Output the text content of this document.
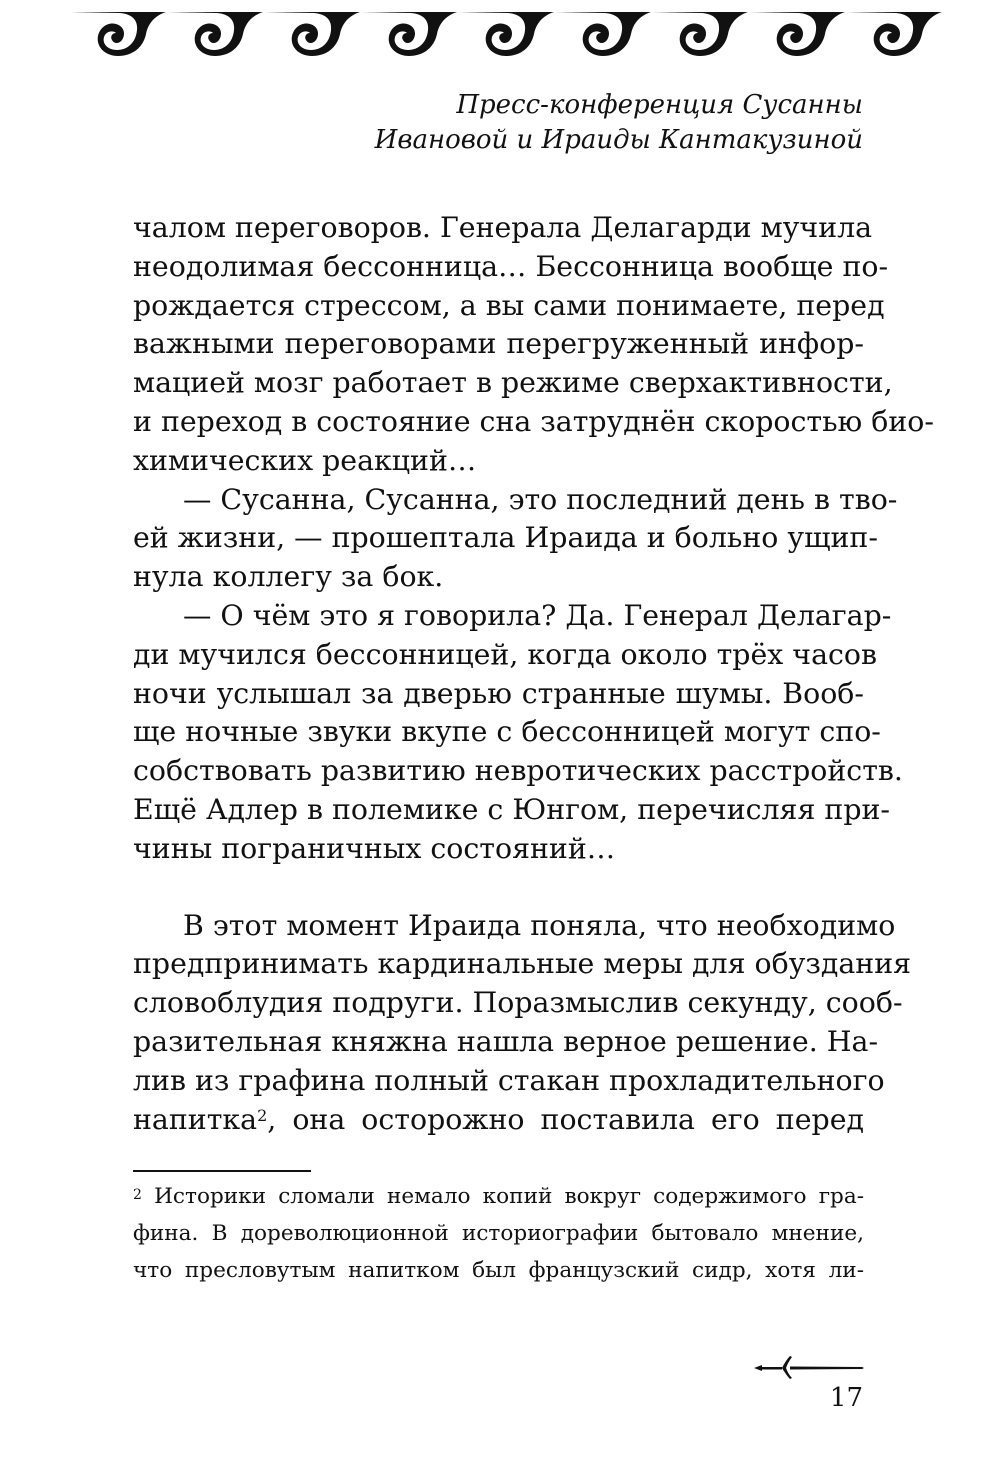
Пресс-конференция Сусанны
Ивановой и Ираиды Кантакузиной
чалом переговоров. Генерала Делагарди мучила
неодолимая бессонница… Бессонница вообще по-
рождается стрессом, а вы сами понимаете, перед
важными переговорами перегруженный инфор-
мацией мозг работает в режиме сверхактивности,
и переход в состояние сна затруднён скоростью био-
химических реакций…
— Сусанна, Сусанна, это последний день в тво-
ей жизни, — прошептала Ираида и больно ущип-
нула коллегу за бок.
— О чём это я говорила? Да. Генерал Делагар-
ди мучился бессонницей, когда около трёх часов
ночи услышал за дверью странные шумы. Вооб-
ще ночные звуки вкупе с бессонницей могут спо-
собствовать развитию невротических расстройств.
Ещё Адлер в полемике с Юнгом, перечисляя при-
чины пограничных состояний…
В этот момент Ираида поняла, что необходимо
предпринимать кардинальные меры для обуздания
словоблудия подруги. Поразмыслив секунду, сооб-
разительная княжна нашла верное решение. На-
лив из графина полный стакан прохладительного
напитка$^2$, она осторожно поставила его перед
$^2$ Историки сломали немало копий вокруг содержимого гра-
фина. В дореволюционной историографии бытовало мнение,
что пресловутым напитком был французский сидр, хотя ли-
17
